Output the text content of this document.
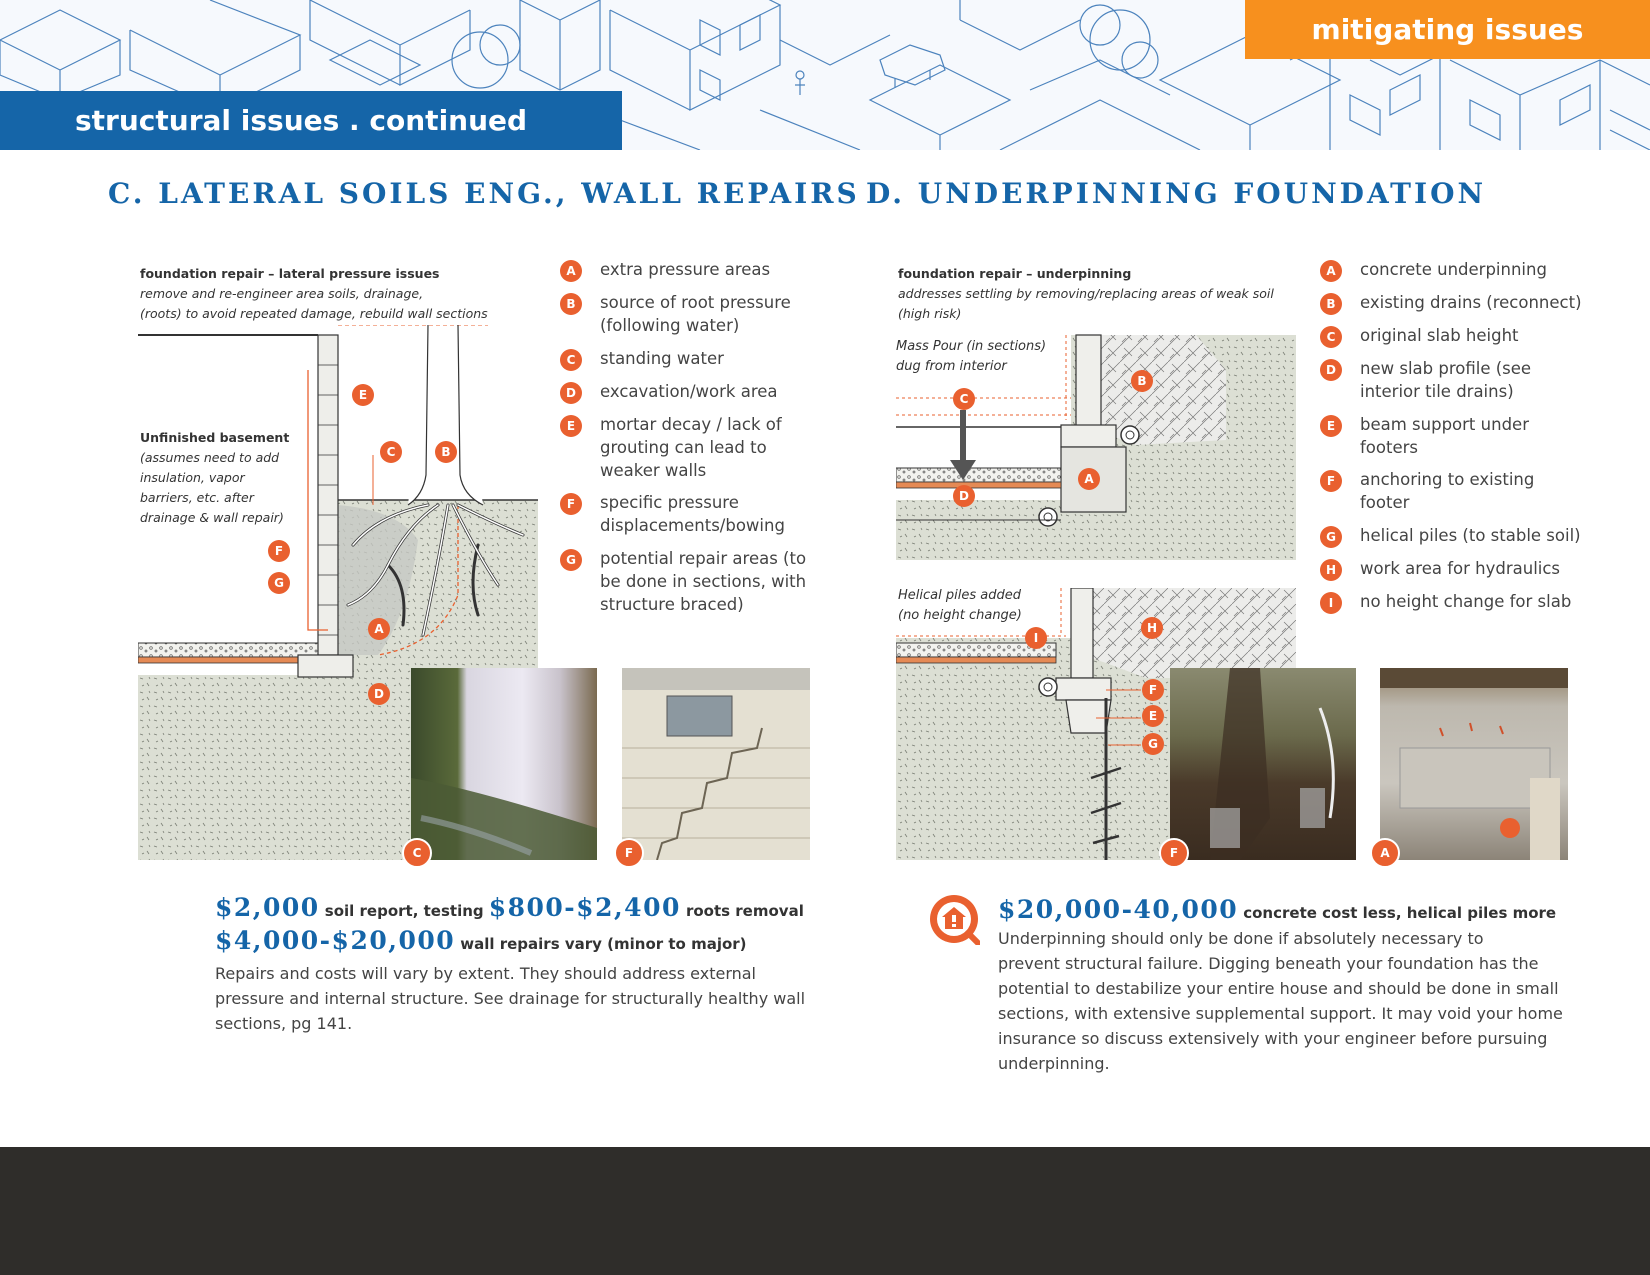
structural issues . continued
mitigating issues
C. LATERAL SOILS ENG., WALL REPAIRS
foundation repair – lateral pressure issues
remove and re-engineer area soils, drainage,
(roots) to avoid repeated damage, rebuild wall sections
Unfinished basement
(assumes need to add
insulation, vapor
barriers, etc. after
drainage & wall repair)
E
C	B
F
G
A
D
C	F
A	extra pressure areas
B	source of root pressure
(following water)
C	standing water
D	excavation/work area
E	mortar decay / lack of
grouting can lead to
weaker walls
F	specific pressure
displacements/bowing
G	potential repair areas (to
be done in sections, with
structure braced)
$2,000 soil report, testing $800-$2,400 roots removal
$4,000-$20,000 wall repairs vary (minor to major)
Repairs and costs will vary by extent. They should address external
pressure and internal structure. See drainage for structurally healthy wall
sections, pg 141.
D. UNDERPINNING FOUNDATION
foundation repair – underpinning
addresses settling by removing/replacing areas of weak soil
(high risk)
Mass Pour (in sections)
dug from interior
Helical piles added
(no height change)
B
C
A
D
I
H
F
E
G
F	A
A	concrete underpinning
B	existing drains (reconnect)
C	original slab height
D	new slab profile (see
interior tile drains)
E	beam support under
footers
F	anchoring to existing
footer
G	helical piles (to stable soil)
H	work area for hydraulics
I	no height change for slab
$20,000-40,000 concrete cost less, helical piles more
Underpinning should only be done if absolutely necessary to
prevent structural failure. Digging beneath your foundation has the
potential to destabilize your entire house and should be done in small
sections, with extensive supplemental support. It may void your home
insurance so discuss extensively with your engineer before pursuing
underpinning.
